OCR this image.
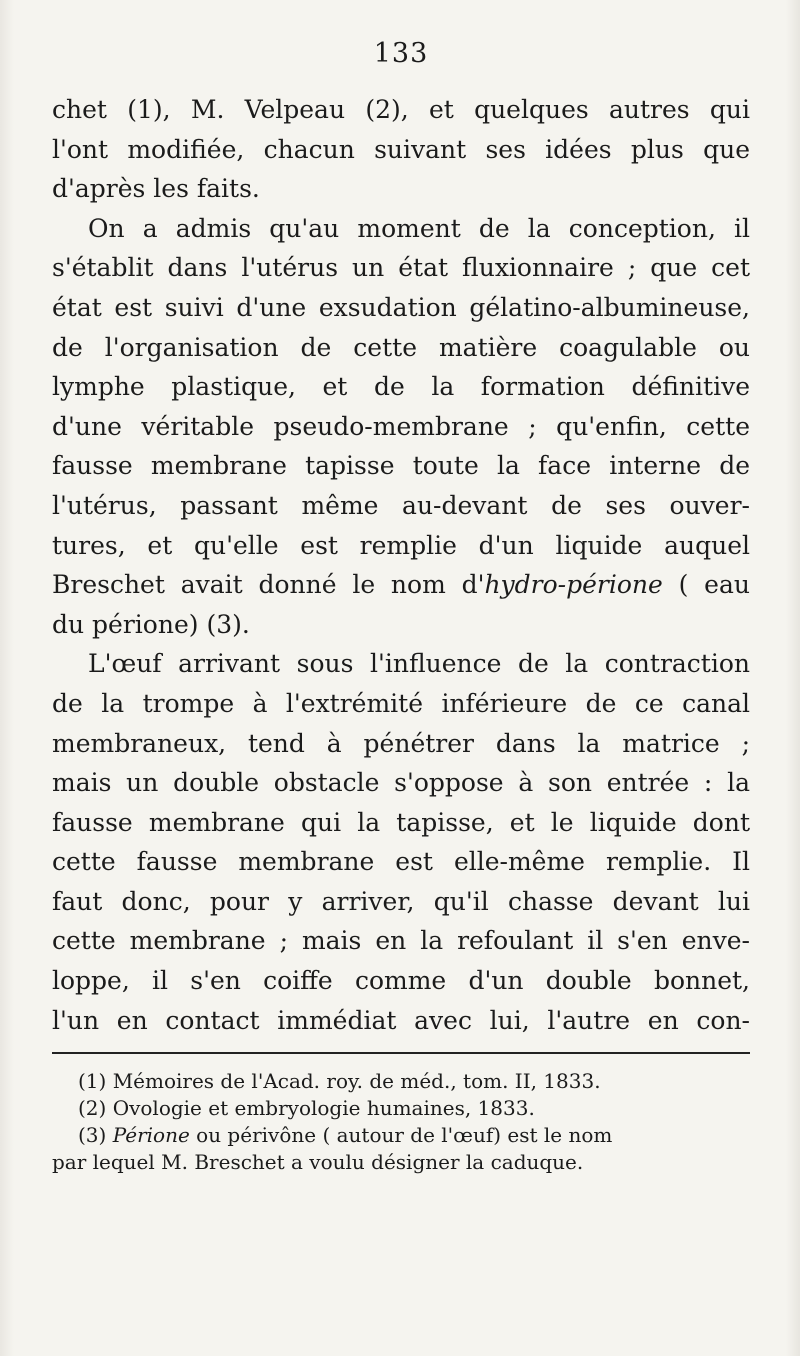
133

chet (1), M. Velpeau (2), et quelques autres qui
l'ont modifiée, chacun suivant ses idées plus que
d'après les faits.

On a admis qu'au moment de la conception, il
s'établit dans l'utérus un état fluxionnaire ; que cet
état est suivi d'une exsudation gélatino-albumineuse,
de l'organisation de cette matière coagulable ou
lymphe plastique, et de la formation définitive
d'une véritable pseudo-membrane ; qu'enfin, cette
fausse membrane tapisse toute la face interne de
l'utérus, passant même au-devant de ses ouver-
tures, et qu'elle est remplie d'un liquide auquel
Breschet avait donné le nom d'hydro-périone ( eau
du périone) (3).

L'œuf arrivant sous l'influence de la contraction
de la trompe à l'extrémité inférieure de ce canal
membraneux, tend à pénétrer dans la matrice ;
mais un double obstacle s'oppose à son entrée : la
fausse membrane qui la tapisse, et le liquide dont
cette fausse membrane est elle-même remplie. Il
faut donc, pour y arriver, qu'il chasse devant lui
cette membrane ; mais en la refoulant il s'en enve-
loppe, il s'en coiffe comme d'un double bonnet,
l'un en contact immédiat avec lui, l'autre en con-

(1) Mémoires de l'Acad. roy. de méd., tom. II, 1833.
(2) Ovologie et embryologie humaines, 1833.
(3) Périone ou périvône ( autour de l'œuf) est le nom
par lequel M. Breschet a voulu désigner la caduque.
